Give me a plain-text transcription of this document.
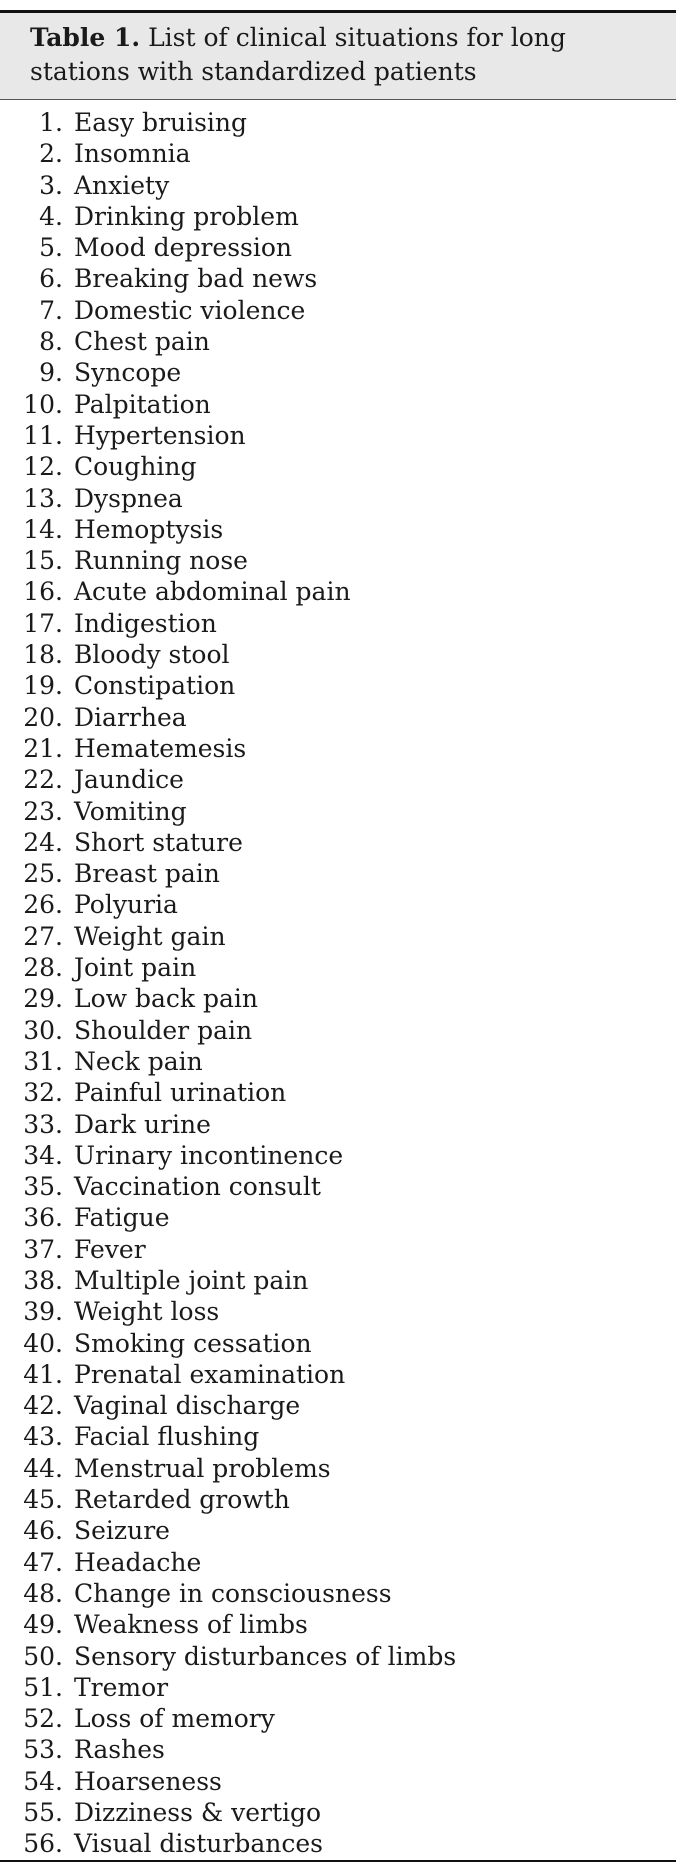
Table 1. List of clinical situations for long stations with standardized patients
1. Easy bruising
2. Insomnia
3. Anxiety
4. Drinking problem
5. Mood depression
6. Breaking bad news
7. Domestic violence
8. Chest pain
9. Syncope
10. Palpitation
11. Hypertension
12. Coughing
13. Dyspnea
14. Hemoptysis
15. Running nose
16. Acute abdominal pain
17. Indigestion
18. Bloody stool
19. Constipation
20. Diarrhea
21. Hematemesis
22. Jaundice
23. Vomiting
24. Short stature
25. Breast pain
26. Polyuria
27. Weight gain
28. Joint pain
29. Low back pain
30. Shoulder pain
31. Neck pain
32. Painful urination
33. Dark urine
34. Urinary incontinence
35. Vaccination consult
36. Fatigue
37. Fever
38. Multiple joint pain
39. Weight loss
40. Smoking cessation
41. Prenatal examination
42. Vaginal discharge
43. Facial flushing
44. Menstrual problems
45. Retarded growth
46. Seizure
47. Headache
48. Change in consciousness
49. Weakness of limbs
50. Sensory disturbances of limbs
51. Tremor
52. Loss of memory
53. Rashes
54. Hoarseness
55. Dizziness & vertigo
56. Visual disturbances
